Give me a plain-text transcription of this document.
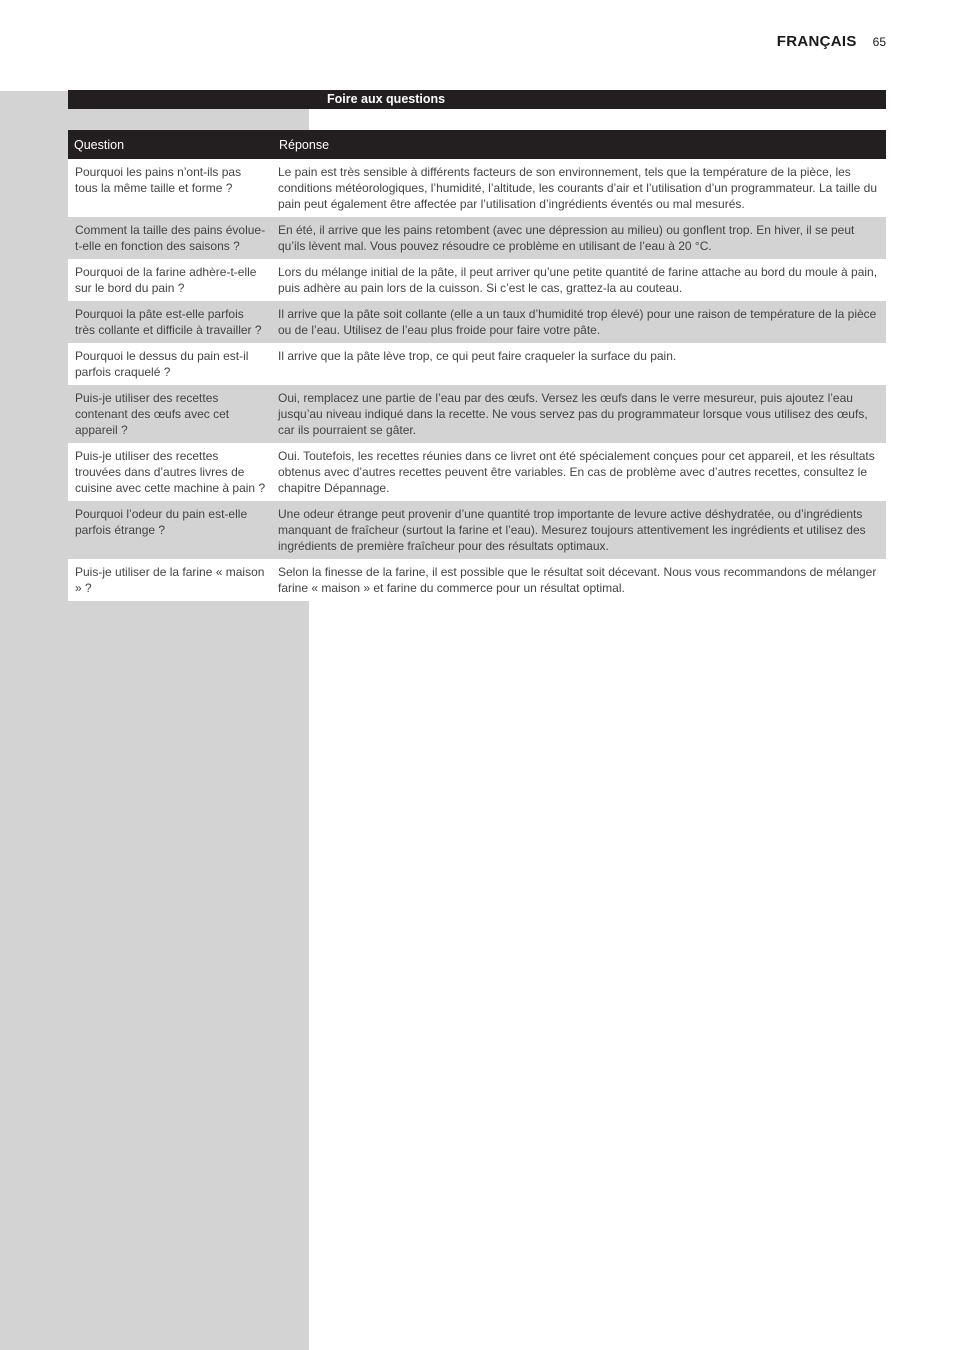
FRANÇAIS 65
Foire aux questions
Question	Réponse
Pourquoi les pains n’ont-ils pas tous la même taille et forme ?	Le pain est très sensible à différents facteurs de son environnement, tels que la température de la pièce, les conditions météorologiques, l’humidité, l’altitude, les courants d’air et l’utilisation d’un programmateur. La taille du pain peut également être affectée par l’utilisation d’ingrédients éventés ou mal mesurés.
Comment la taille des pains évolue-t-elle en fonction des saisons ?	En été, il arrive que les pains retombent (avec une dépression au milieu) ou gonflent trop. En hiver, il se peut qu’ils lèvent mal. Vous pouvez résoudre ce problème en utilisant de l’eau à 20 °C.
Pourquoi de la farine adhère-t-elle sur le bord du pain ?	Lors du mélange initial de la pâte, il peut arriver qu’une petite quantité de farine attache au bord du moule à pain, puis adhère au pain lors de la cuisson. Si c’est le cas, grattez-la au couteau.
Pourquoi la pâte est-elle parfois très collante et difficile à travailler ?	Il arrive que la pâte soit collante (elle a un taux d’humidité trop élevé) pour une raison de température de la pièce ou de l’eau. Utilisez de l’eau plus froide pour faire votre pâte.
Pourquoi le dessus du pain est-il parfois craquelé ?	Il arrive que la pâte lève trop, ce qui peut faire craqueler la surface du pain.
Puis-je utiliser des recettes contenant des œufs avec cet appareil ?	Oui, remplacez une partie de l’eau par des œufs. Versez les œufs dans le verre mesureur, puis ajoutez l’eau jusqu’au niveau indiqué dans la recette. Ne vous servez pas du programmateur lorsque vous utilisez des œufs, car ils pourraient se gâter.
Puis-je utiliser des recettes trouvées dans d’autres livres de cuisine avec cette machine à pain ?	Oui. Toutefois, les recettes réunies dans ce livret ont été spécialement conçues pour cet appareil, et les résultats obtenus avec d’autres recettes peuvent être variables. En cas de problème avec d’autres recettes, consultez le chapitre Dépannage.
Pourquoi l’odeur du pain est-elle parfois étrange ?	Une odeur étrange peut provenir d’une quantité trop importante de levure active déshydratée, ou d’ingrédients manquant de fraîcheur (surtout la farine et l’eau). Mesurez toujours attentivement les ingrédients et utilisez des ingrédients de première fraîcheur pour des résultats optimaux.
Puis-je utiliser de la farine « maison » ?	Selon la finesse de la farine, il est possible que le résultat soit décevant. Nous vous recommandons de mélanger farine « maison » et farine du commerce pour un résultat optimal.
